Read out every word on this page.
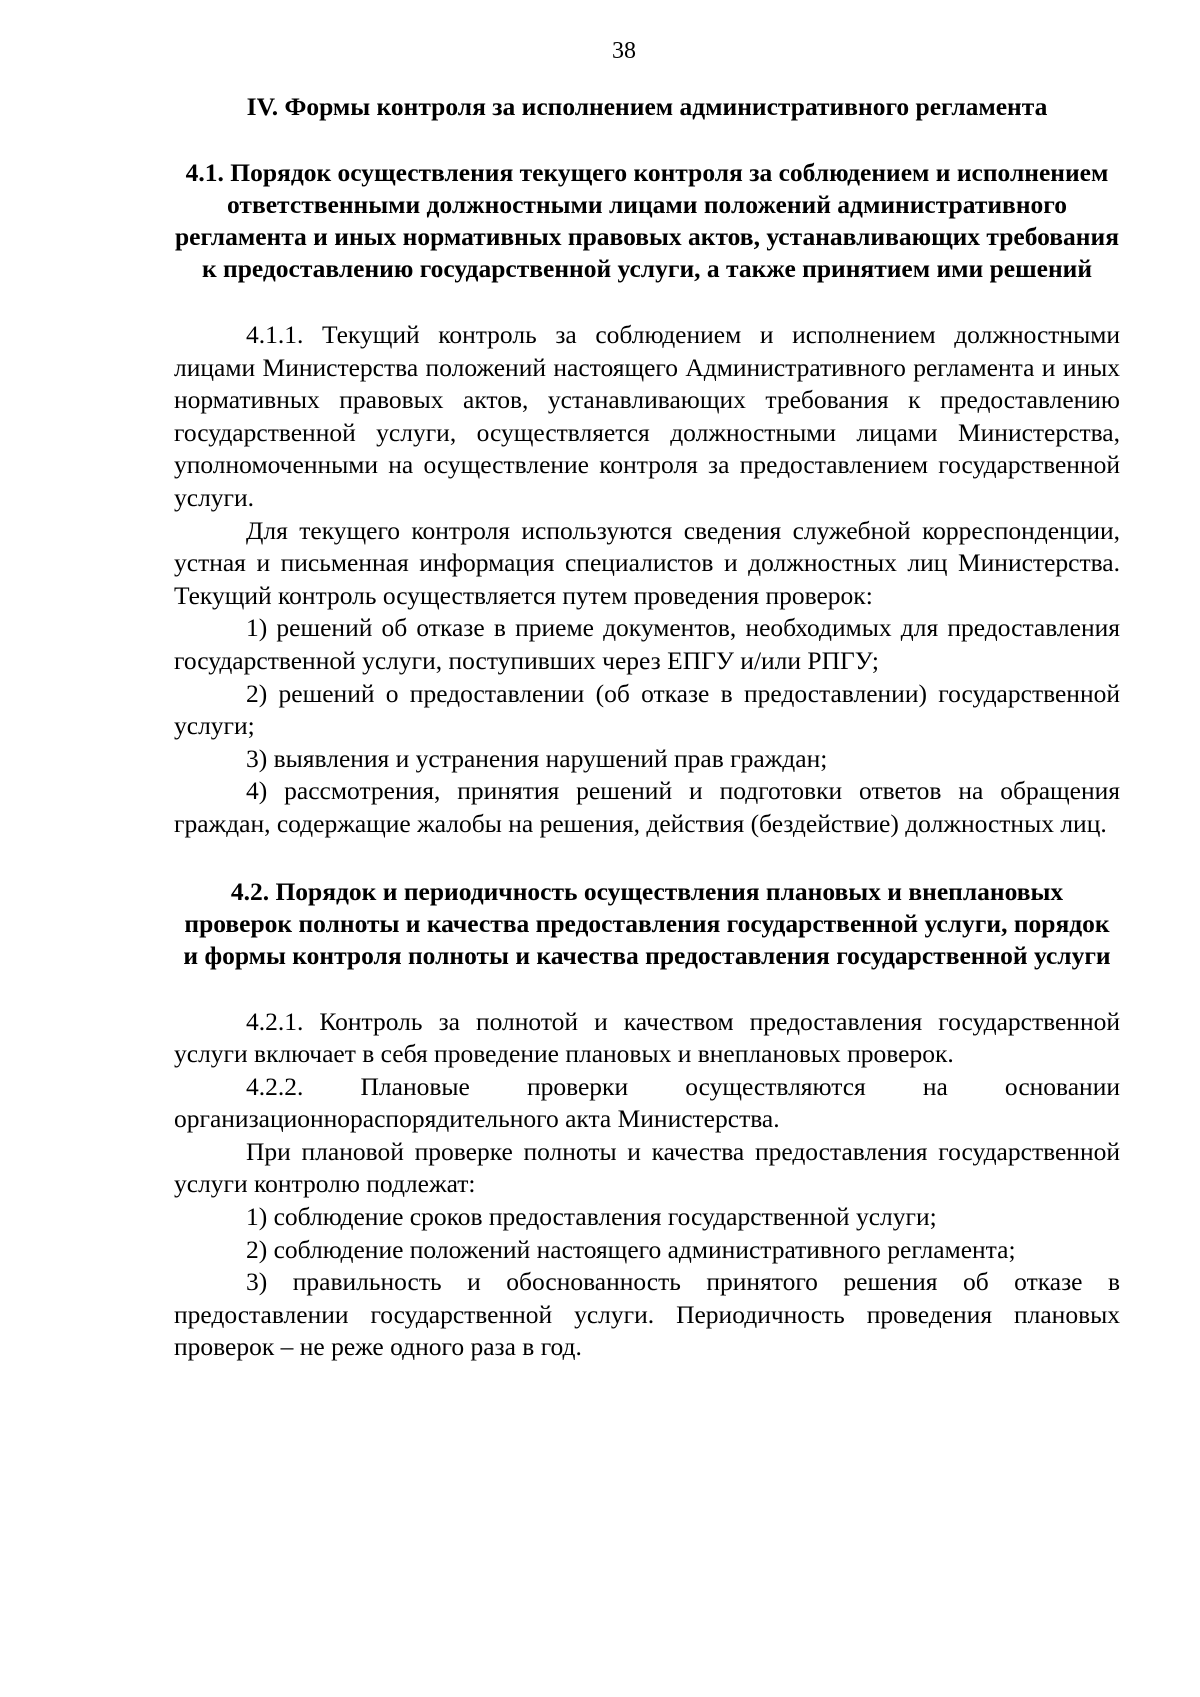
38
IV. Формы контроля за исполнением административного регламента
4.1. Порядок осуществления текущего контроля за соблюдением и исполнением ответственными должностными лицами положений административного регламента и иных нормативных правовых актов, устанавливающих требования к предоставлению государственной услуги, а также принятием ими решений

4.1.1. Текущий контроль за соблюдением и исполнением должностными лицами Министерства положений настоящего Административного регламента и иных нормативных правовых актов, устанавливающих требования к предоставлению государственной услуги, осуществляется должностными лицами Министерства, уполномоченными на осуществление контроля за предоставлением государственной услуги.

Для текущего контроля используются сведения служебной корреспонденции, устная и письменная информация специалистов и должностных лиц Министерства. Текущий контроль осуществляется путем проведения проверок:

1) решений об отказе в приеме документов, необходимых для предоставления государственной услуги, поступивших через ЕПГУ и/или РПГУ;

2) решений о предоставлении (об отказе в предоставлении) государственной услуги;

3) выявления и устранения нарушений прав граждан;

4) рассмотрения, принятия решений и подготовки ответов на обращения граждан, содержащие жалобы на решения, действия (бездействие) должностных лиц.

4.2. Порядок и периодичность осуществления плановых и внеплановых проверок полноты и качества предоставления государственной услуги, порядок и формы контроля полноты и качества предоставления государственной услуги

4.2.1. Контроль за полнотой и качеством предоставления государственной услуги включает в себя проведение плановых и внеплановых проверок.

4.2.2. Плановые проверки осуществляются на основании организационнораспорядительного акта Министерства.

При плановой проверке полноты и качества предоставления государственной услуги контролю подлежат:

1) соблюдение сроков предоставления государственной услуги;

2) соблюдение положений настоящего административного регламента;

3) правильность и обоснованность принятого решения об отказе в предоставлении государственной услуги. Периодичность проведения плановых проверок – не реже одного раза в год.
